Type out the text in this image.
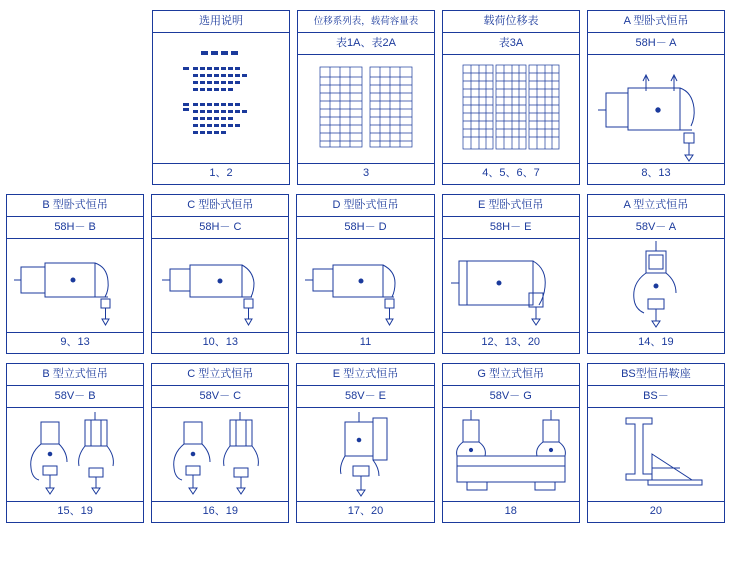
选用说明
1、2
位移系列表，载荷容量表
表1A、表2A
3
载荷位移表
表3A
4、5、6、7
A 型卧式恒吊
58H－ A
8、13
B 型卧式恒吊
58H－ B
9、13
C 型卧式恒吊
58H－ C
10、13
D 型卧式恒吊
58H－ D
11
E 型卧式恒吊
58H－ E
12、13、20
A 型立式恒吊
58V－ A
14、19
B 型立式恒吊
58V－ B
15、19
C 型立式恒吊
58V－ C
16、19
E 型立式恒吊
58V－ E
17、20
G 型立式恒吊
58V－ G
18
BS型恒吊鞍座
BS－
20
